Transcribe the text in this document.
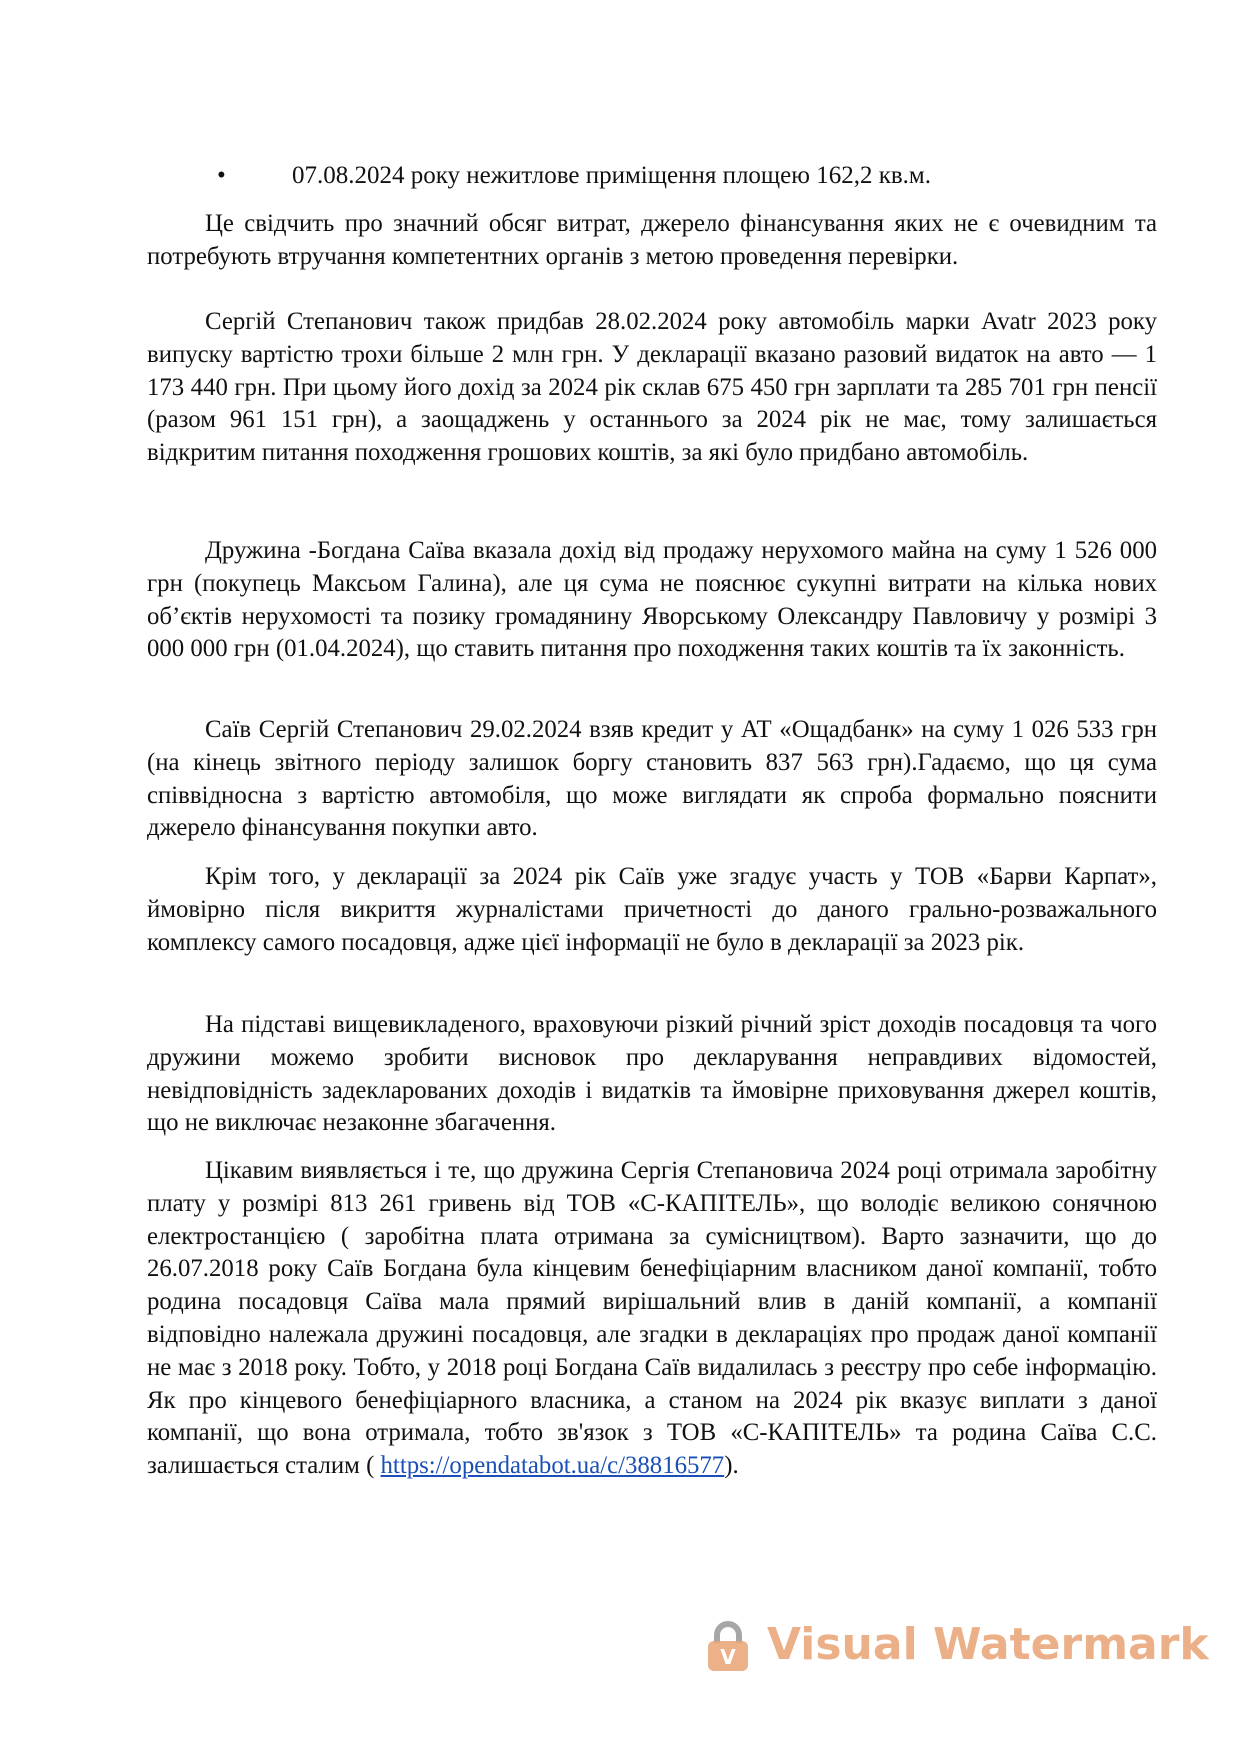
•	07.08.2024 року нежитлове приміщення площею 162,2 кв.м.

Це свідчить про значний обсяг витрат, джерело фінансування яких не є очевидним та потребують втручання компетентних органів з метою проведення перевірки.

Сергій Степанович також придбав 28.02.2024 року автомобіль марки Avatr 2023 року випуску вартістю трохи більше 2 млн грн. У декларації вказано разовий видаток на авто — 1 173 440 грн. При цьому його дохід за 2024 рік склав 675 450 грн зарплати та 285 701 грн пенсії (разом 961 151 грн), а заощаджень у останнього за 2024 рік не має, тому залишається відкритим питання походження грошових коштів, за які було придбано автомобіль.

Дружина -Богдана Саїва вказала дохід від продажу нерухомого майна на суму 1 526 000 грн (покупець Максьом Галина), але ця сума не пояснює сукупні витрати на кілька нових об’єктів нерухомості та позику громадянину Яворському Олександру Павловичу у розмірі 3 000 000 грн (01.04.2024), що ставить питання про походження таких коштів та їх законність.

Саїв Сергій Степанович 29.02.2024 взяв кредит у АТ «Ощадбанк» на суму 1 026 533 грн (на кінець звітного періоду залишок боргу становить 837 563 грн).Гадаємо, що ця сума співвідносна з вартістю автомобіля, що може виглядати як спроба формально пояснити джерело фінансування покупки авто.

Крім того, у декларації за 2024 рік Саїв уже згадує участь у ТОВ «Барви Карпат», ймовірно після викриття журналістами причетності до даного грально-розважального комплексу самого посадовця, адже цієї інформації не було в декларації за 2023 рік.

На підставі вищевикладеного, враховуючи різкий річний зріст доходів посадовця та чого дружини можемо зробити висновок про декларування неправдивих відомостей, невідповідність задекларованих доходів і видатків та ймовірне приховування джерел коштів, що не виключає незаконне збагачення.

Цікавим виявляється і те, що дружина Сергія Степановича 2024 році отримала заробітну плату у розмірі 813 261 гривень від ТОВ «С-КАПІТЕЛЬ», що володіє великою сонячною електростанцією ( заробітна плата отримана за сумісництвом). Варто зазначити, що до 26.07.2018 року Саїв Богдана була кінцевим бенефіціарним власником даної компанії, тобто родина посадовця Саїва мала прямий вирішальний влив в даній компанії, а компанії відповідно належала дружині посадовця, але згадки в деклараціях про продаж даної компанії не має з 2018 року. Тобто, у 2018 році Богдана Саїв видалилась з реєстру про себе інформацію. Як про кінцевого бенефіціарного власника, а станом на 2024 рік вказує виплати з даної компанії, що вона отримала, тобто зв'язок з ТОВ «С-КАПІТЕЛЬ» та родина Саїва С.С. залишається сталим ( https://opendatabot.ua/c/38816577).

V Visual Watermark
